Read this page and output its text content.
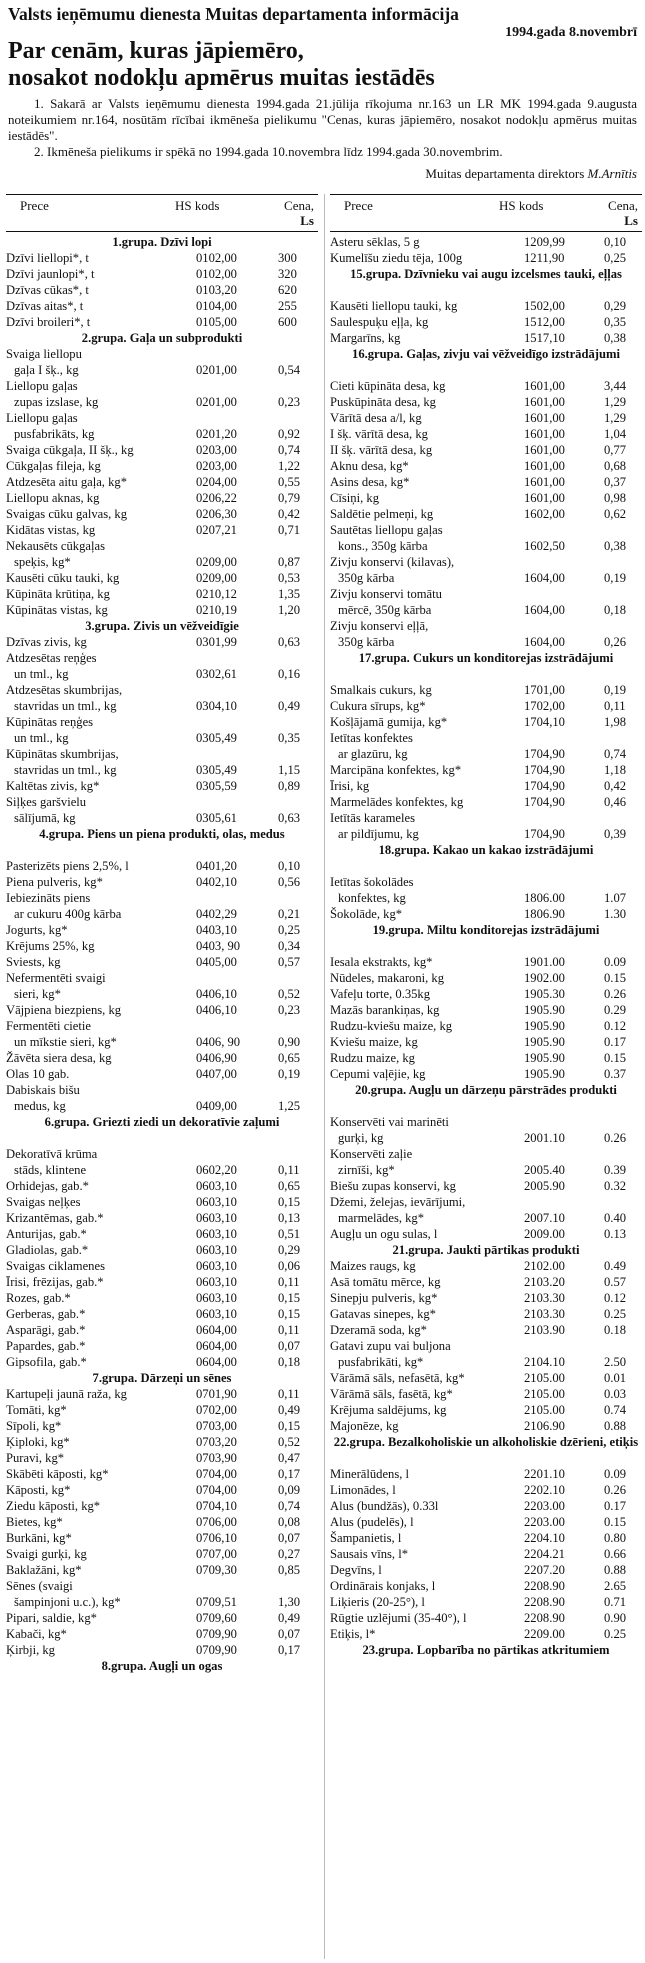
Valsts ieņēmumu dienesta Muitas departamenta informācija
1994.gada 8.novembrī
Par cenām, kuras jāpiemēro,
nosakot nodokļu apmērus muitas iestādēs

1. Sakarā ar Valsts ieņēmumu dienesta 1994.gada 21.jūlija rīkojuma nr.163 un LR MK 1994.gada 9.augusta noteikumiem nr.164, nosūtām rīcībai ikmēneša pielikumu "Cenas, kuras jāpiemēro, nosakot nodokļu apmērus muitas iestādēs".

2. Ikmēneša pielikums ir spēkā no 1994.gada 10.novembra līdz 1994.gada 30.novembrim.

Muitas departamenta direktors M.Arnītis
Prece	HS kods	Cena,
Ls
1.grupa. Dzīvi lopi
Dzīvi liellopi*, t	0102,00	300
Dzīvi jaunlopi*, t	0102,00	320
Dzīvas cūkas*, t	0103,20	620
Dzīvas aitas*, t	0104,00	255
Dzīvi broileri*, t	0105,00	600
2.grupa. Gaļa un subprodukti
Svaiga liellopu
gaļa I šķ., kg	0201,00	0,54
Liellopu gaļas
zupas izslase, kg	0201,00	0,23
Liellopu gaļas
pusfabrikāts, kg	0201,20	0,92
Svaiga cūkgaļa, II šķ., kg	0203,00	0,74
Cūkgaļas fileja, kg	0203,00	1,22
Atdzesēta aitu gaļa, kg*	0204,00	0,55
Liellopu aknas, kg	0206,22	0,79
Svaigas cūku galvas, kg	0206,30	0,42
Kidātas vistas, kg	0207,21	0,71
Nekausēts cūkgaļas
speķis, kg*	0209,00	0,87
Kausēti cūku tauki, kg	0209,00	0,53
Kūpināta krūtiņa, kg	0210,12	1,35
Kūpinātas vistas, kg	0210,19	1,20
3.grupa. Zivis un vēžveidīgie
Dzīvas zivis, kg	0301,99	0,63
Atdzesētas reņģes
un tml., kg	0302,61	0,16
Atdzesētas skumbrijas,
stavridas un tml., kg	0304,10	0,49
Kūpinātas reņģes
un tml., kg	0305,49	0,35
Kūpinātas skumbrijas,
stavridas un tml., kg	0305,49	1,15
Kaltētas zivis, kg*	0305,59	0,89
Siļķes garšvielu
sālījumā, kg	0305,61	0,63
4.grupa. Piens un piena produkti, olas, medus
Pasterizēts piens 2,5%, l	0401,20	0,10
Piena pulveris, kg*	0402,10	0,56
Iebiezināts piens
ar cukuru 400g kārba	0402,29	0,21
Jogurts, kg*	0403,10	0,25
Krējums 25%, kg	0403, 90	0,34
Sviests, kg	0405,00	0,57
Nefermentēti svaigi
sieri, kg*	0406,10	0,52
Vājpiena biezpiens, kg	0406,10	0,23
Fermentēti cietie
un mīkstie sieri, kg*	0406, 90	0,90
Žāvēta siera desa, kg	0406,90	0,65
Olas 10 gab.	0407,00	0,19
Dabiskais bišu
medus, kg	0409,00	1,25
6.grupa. Griezti ziedi un dekoratīvie zaļumi
Dekoratīvā krūma
stāds, klintene	0602,20	0,11
Orhidejas, gab.*	0603,10	0,65
Svaigas neļķes	0603,10	0,15
Krizantēmas, gab.*	0603,10	0,13
Anturijas, gab.*	0603,10	0,51
Gladiolas, gab.*	0603,10	0,29
Svaigas ciklamenes	0603,10	0,06
Īrisi, frēzijas, gab.*	0603,10	0,11
Rozes, gab.*	0603,10	0,15
Gerberas, gab.*	0603,10	0,15
Asparāgi, gab.*	0604,00	0,11
Papardes, gab.*	0604,00	0,07
Gipsofila, gab.*	0604,00	0,18
7.grupa. Dārzeņi un sēnes
Kartupeļi jaunā raža, kg	0701,90	0,11
Tomāti, kg*	0702,00	0,49
Sīpoli, kg*	0703,00	0,15
Ķiploki, kg*	0703,20	0,52
Puravi, kg*	0703,90	0,47
Skābēti kāposti, kg*	0704,00	0,17
Kāposti, kg*	0704,00	0,09
Ziedu kāposti, kg*	0704,10	0,74
Bietes, kg*	0706,00	0,08
Burkāni, kg*	0706,10	0,07
Svaigi gurķi, kg	0707,00	0,27
Baklažāni, kg*	0709,30	0,85
Sēnes (svaigi
šampinjoni u.c.), kg*	0709,51	1,30
Pipari, saldie, kg*	0709,60	0,49
Kabači, kg*	0709,90	0,07
Ķirbji, kg	0709,90	0,17
8.grupa. Augļi un ogas
Prece	HS kods	Cena,
Ls
Asteru sēklas, 5 g	1209,99	0,10
Kumelīšu ziedu tēja, 100g	1211,90	0,25
15.grupa. Dzīvnieku vai augu izcelsmes tauki, eļļas
Kausēti liellopu tauki, kg	1502,00	0,29
Saulespuķu eļļa, kg	1512,00	0,35
Margarīns, kg	1517,10	0,38
16.grupa. Gaļas, zivju vai vēžveidīgo izstrādājumi
Cieti kūpināta desa, kg	1601,00	3,44
Puskūpināta desa, kg	1601,00	1,29
Vārītā desa a/l, kg	1601,00	1,29
I šķ. vārītā desa, kg	1601,00	1,04
II šķ. vārītā desa, kg	1601,00	0,77
Aknu desa, kg*	1601,00	0,68
Asins desa, kg*	1601,00	0,37
Cīsiņi, kg	1601,00	0,98
Saldētie pelmeņi, kg	1602,00	0,62
Sautētas liellopu gaļas
kons., 350g kārba	1602,50	0,38
Zivju konservi (kilavas),
350g kārba	1604,00	0,19
Zivju konservi tomātu
mērcē, 350g kārba	1604,00	0,18
Zivju konservi eļļā,
350g kārba	1604,00	0,26
17.grupa. Cukurs un konditorejas izstrādājumi
Smalkais cukurs, kg	1701,00	0,19
Cukura sīrups, kg*	1702,00	0,11
Košļājamā gumija, kg*	1704,10	1,98
Ietītas konfektes
ar glazūru, kg	1704,90	0,74
Marcipāna konfektes, kg*	1704,90	1,18
Īrisi, kg	1704,90	0,42
Marmelādes konfektes, kg	1704,90	0,46
Ietītās karameles
ar pildījumu, kg	1704,90	0,39
18.grupa. Kakao un kakao izstrādājumi
Ietītas šokolādes
konfektes, kg	1806.00	1.07
Šokolāde, kg*	1806.90	1.30
19.grupa. Miltu konditorejas izstrādājumi
Iesala ekstrakts, kg*	1901.00	0.09
Nūdeles, makaroni, kg	1902.00	0.15
Vafeļu torte, 0.35kg	1905.30	0.26
Mazās barankiņas, kg	1905.90	0.29
Rudzu-kviešu maize, kg	1905.90	0.12
Kviešu maize, kg	1905.90	0.17
Rudzu maize, kg	1905.90	0.15
Cepumi vaļējie, kg	1905.90	0.37
20.grupa. Augļu un dārzeņu pārstrādes produkti
Konservēti vai marinēti
gurķi, kg	2001.10	0.26
Konservēti zaļie
zirnīši, kg*	2005.40	0.39
Biešu zupas konservi, kg	2005.90	0.32
Džemi, želejas, ievārījumi,
marmelādes, kg*	2007.10	0.40
Augļu un ogu sulas, l	2009.00	0.13
21.grupa. Jaukti pārtikas produkti
Maizes raugs, kg	2102.00	0.49
Asā tomātu mērce, kg	2103.20	0.57
Sinepju pulveris, kg*	2103.30	0.12
Gatavas sinepes, kg*	2103.30	0.25
Dzeramā soda, kg*	2103.90	0.18
Gatavi zupu vai buljona
pusfabrikāti, kg*	2104.10	2.50
Vārāmā sāls, nefasētā, kg*	2105.00	0.01
Vārāmā sāls, fasētā, kg*	2105.00	0.03
Krējuma saldējums, kg	2105.00	0.74
Majonēze, kg	2106.90	0.88
22.grupa. Bezalkoholiskie un alkoholiskie dzērieni, etiķis
Minerālūdens, l	2201.10	0.09
Limonādes, l	2202.10	0.26
Alus (bundžās), 0.33l	2203.00	0.17
Alus (pudelēs), l	2203.00	0.15
Šampanietis, l	2204.10	0.80
Sausais vīns, l*	2204.21	0.66
Degvīns, l	2207.20	0.88
Ordinārais konjaks, l	2208.90	2.65
Liķieris (20-25°), l	2208.90	0.71
Rūgtie uzlējumi (35-40°), l	2208.90	0.90
Etiķis, l*	2209.00	0.25
23.grupa. Lopbarība no pārtikas atkritumiem
